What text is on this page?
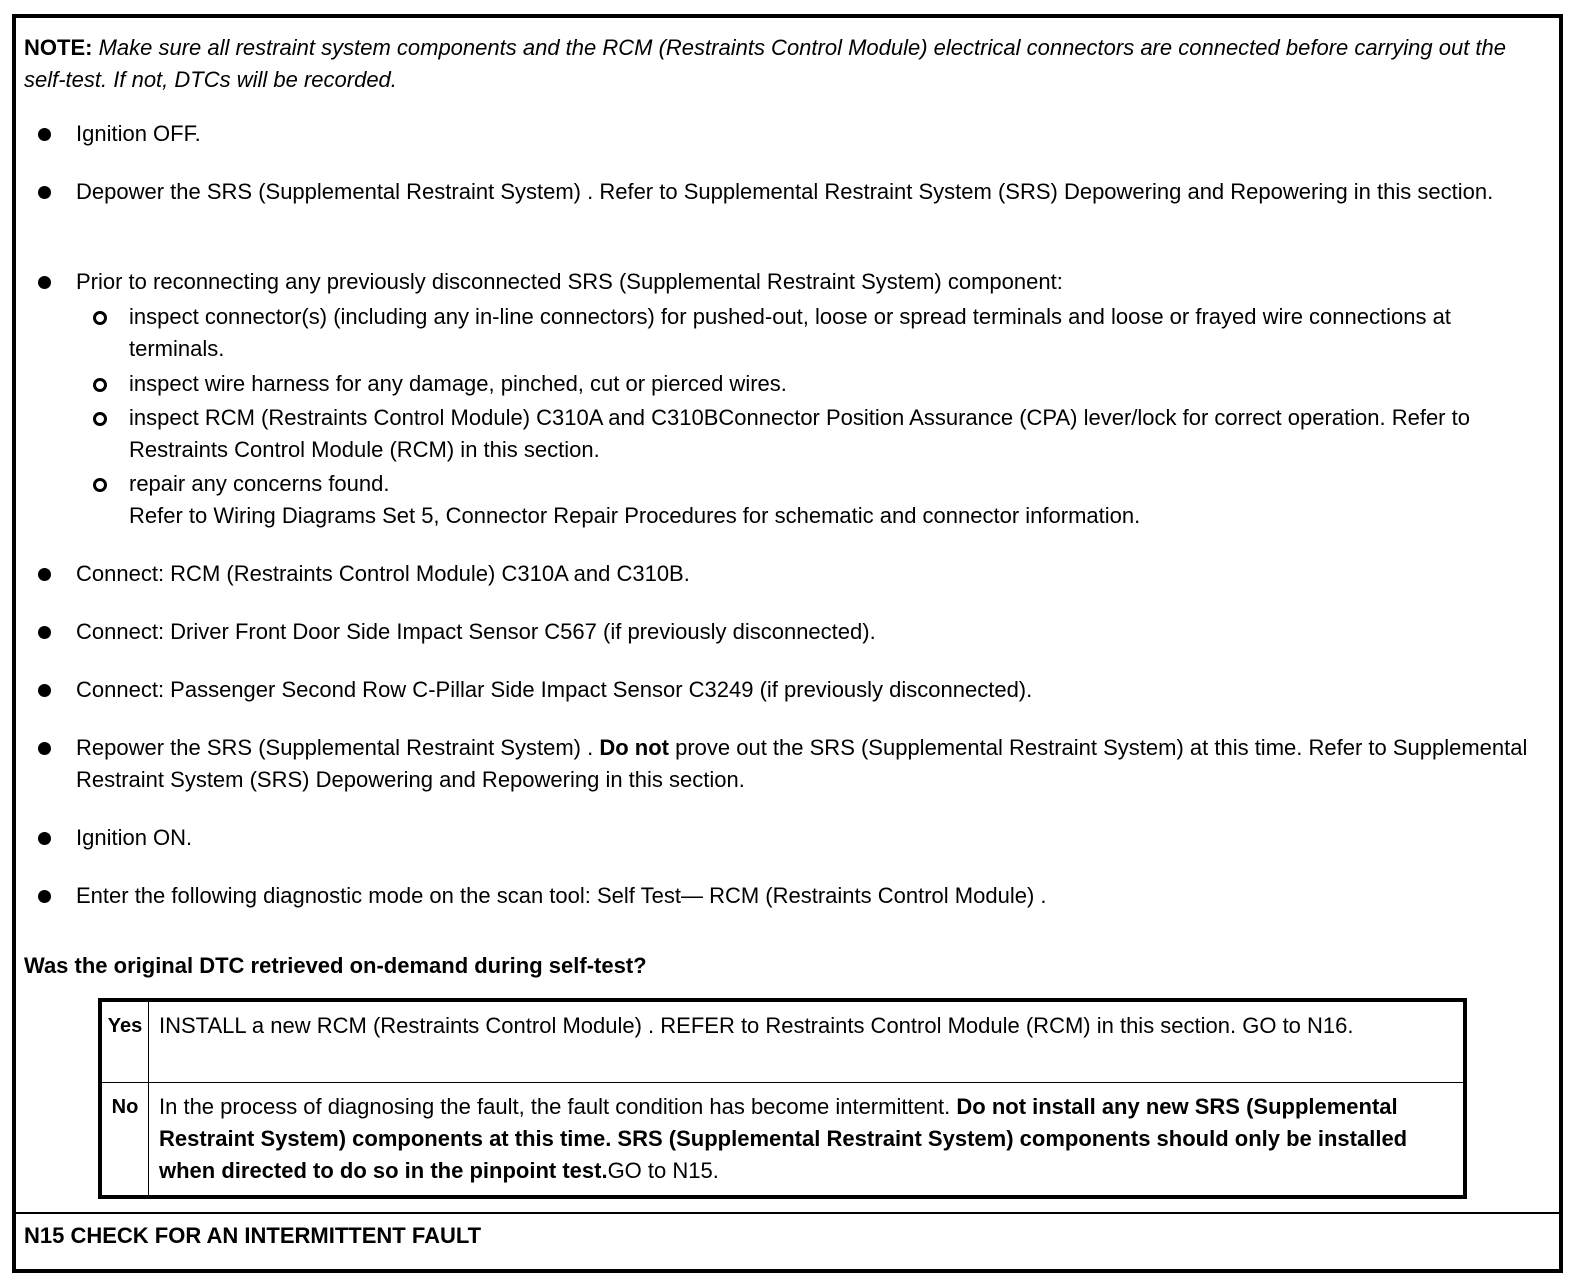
NOTE: Make sure all restraint system components and the RCM (Restraints Control Module) electrical connectors are connected before carrying out the self-test. If not, DTCs will be recorded.
Ignition OFF.
Depower the SRS (Supplemental Restraint System) . Refer to Supplemental Restraint System (SRS) Depowering and Repowering in this section.
Prior to reconnecting any previously disconnected SRS (Supplemental Restraint System) component:
Connect: RCM (Restraints Control Module) C310A and C310B.
Connect: Driver Front Door Side Impact Sensor C567 (if previously disconnected).
Connect: Passenger Second Row C-Pillar Side Impact Sensor C3249 (if previously disconnected).
Repower the SRS (Supplemental Restraint System) . Do not prove out the SRS (Supplemental Restraint System) at this time. Refer to Supplemental Restraint System (SRS) Depowering and Repowering in this section.
Ignition ON.
Enter the following diagnostic mode on the scan tool: Self Test— RCM (Restraints Control Module) .
inspect connector(s) (including any in-line connectors) for pushed-out, loose or spread terminals and loose or frayed wire connections at terminals.
inspect wire harness for any damage, pinched, cut or pierced wires.
inspect RCM (Restraints Control Module) C310A and C310BConnector Position Assurance (CPA) lever/lock for correct operation. Refer to Restraints Control Module (RCM) in this section.
repair any concerns found.
Refer to Wiring Diagrams Set 5, Connector Repair Procedures for schematic and connector information.
Was the original DTC retrieved on-demand during self-test?
Yes	INSTALL a new RCM (Restraints Control Module) . REFER to Restraints Control Module (RCM) in this section. GO to N16.
No	In the process of diagnosing the fault, the fault condition has become intermittent. Do not install any new SRS (Supplemental Restraint System) components at this time. SRS (Supplemental Restraint System) components should only be installed when directed to do so in the pinpoint test.GO to N15.
N15 CHECK FOR AN INTERMITTENT FAULT
